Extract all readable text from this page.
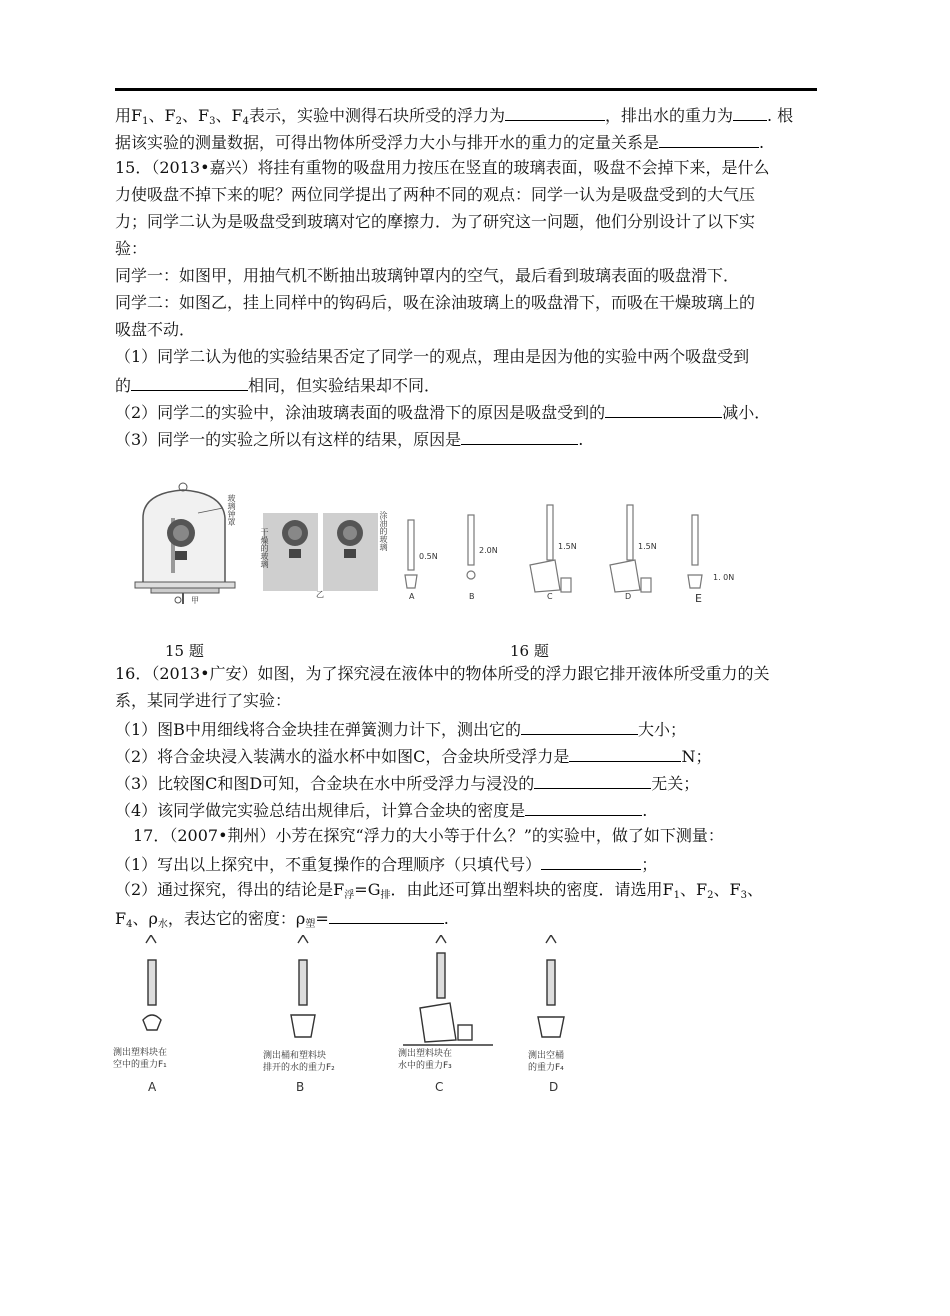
用$F_1$、$F_2$、$F_3$、$F_4$表示，实验中测得石块所受的浮力为	，排出水的重力为 . 根
据该实验的测量数据，可得出物体所受浮力大小与排开水的重力的定量关系是	.
15．（2013•嘉兴）将挂有重物的吸盘用力按压在竖直的玻璃表面，吸盘不会掉下来，是什么
力使吸盘不掉下来的呢？两位同学提出了两种不同的观点：同学一认为是吸盘受到的大气压
力；同学二认为是吸盘受到玻璃对它的摩擦力．为了研究这一问题，他们分别设计了以下实
验：
同学一：如图甲，用抽气机不断抽出玻璃钟罩内的空气，最后看到玻璃表面的吸盘滑下．
同学二：如图乙，挂上同样中的钩码后，吸在涂油玻璃上的吸盘滑下，而吸在干燥玻璃上的
吸盘不动．
（1）同学二认为他的实验结果否定了同学一的观点，理由是因为他的实验中两个吸盘受到
的	相同，但实验结果却不同．
（2）同学二的实验中，涂油玻璃表面的吸盘滑下的原因是吸盘受到的	减小．
（3）同学一的实验之所以有这样的结果，原因是	.
玻璃钟罩
干燥的玻璃	涂油的玻璃
甲
乙
0.5N
2.0N	1.5N	1.5N
1. 0N
A	B	C	D	E
15 题	16 题
16．（2013•广安）如图，为了探究浸在液体中的物体所受的浮力跟它排开液体所受重力的关
系，某同学进行了实验：
（1）图B中用细线将合金块挂在弹簧测力计下，测出它的	大小；
（2）将合金块浸入装满水的溢水杯中如图C，合金块所受浮力是	N；
（3）比较图C和图D可知，合金块在水中所受浮力与浸没的	无关；
（4）该同学做完实验总结出规律后，计算合金块的密度是	.
17．（2007•荆州）小芳在探究“浮力的大小等于什么？”的实验中，做了如下测量：
（1）写出以上探究中，不重复操作的合理顺序（只填代号）	；
（2）通过探究，得出的结论是$F_浮=G_排$．由此还可算出塑料块的密度．请选用$F_1$、$F_2$、$F_3$、
$F_4$、$\rho_水$，表达它的密度：$\rho_塑=$	.
测出塑料块在
空中的重力F₁
测出桶和塑料块
排开的水的重力F₂
测出塑料块在
水中的重力F₃
测出空桶
的重力F₄
A	B	C	D
